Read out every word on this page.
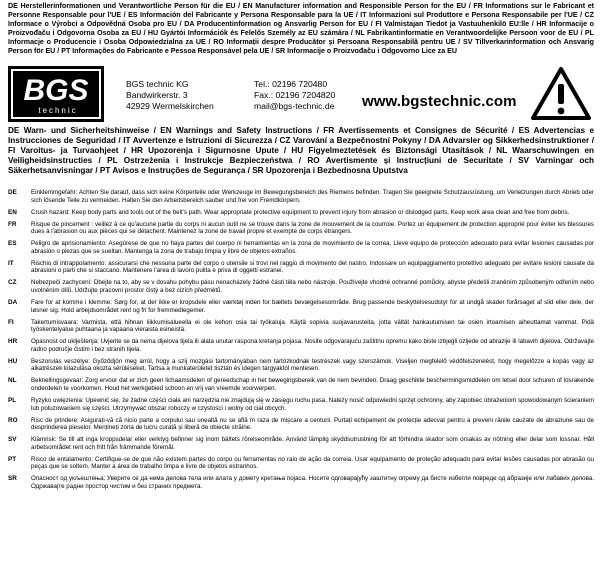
DE Herstellerinformationen und Verantwortliche Person für die EU / EN Manufacturer information and Responsible Person for the EU / FR Informations sur le Fabricant et Personne Responsable pour l'UE / ES Información del Fabricante y Persona Responsable para la UE / IT Informazioni sul Produttore e Persona Responsabile per l'UE / CZ Informace o Výrobci a Odpovědná Osoba pro EU / DA Producentinformation og Ansvarlig Person for EU / FI Valmistajan Tiedot ja Vastuuhenkilö EU:lle / HR Informacije o Proizvođaču i Odgovorna Osoba za EU / HU Gyártói Információk és Felelős Személy az EU számára / NL Fabrikantinformatie en Verantwoordelijke Persoon voor de EU / PL Informacje o Producencie i Osoba Odpowiedzialna za UE / RO Informații despre Producător și Persoana Responsabilă pentru UE / SV Tillverkarinformation och Ansvarig Person för EU / PT Informações do Fabricante e Pessoa Responsável pela UE / SR Informacije o Proizvođaču i Odgovorno Lice za EU
BGS
technic
BGS technic KG
Bandwirkerstr. 3
42929 Wermelskirchen
Tel.: 02196 720480
Fax.: 02196 7204820
mail@bgs-technic.de www.bgstechnic.com
DE Warn- und Sicherheitshinweise / EN Warnings and Safety Instructions / FR Avertissements et Consignes de Sécurité / ES Advertencias e Instrucciones de Seguridad / IT Avvertenze e Istruzioni di Sicurezza / CZ Varování a Bezpečnostní Pokyny / DA Advarsler og Sikkerhedsinstruktioner / FI Varoitus- ja Turvaohjeet / HR Upozorenja i Sigurnosne Upute / HU Figyelmeztetések és Biztonsági Utasítások / NL Waarschuwingen en Veiligheidsinstructies / PL Ostrzeżenia i Instrukcje Bezpieczeństwa / RO Avertismente și Instrucțiuni de Securitate / SV Varningar och Säkerhetsanvisningar / PT Avisos e Instruções de Segurança / SR Upozorenja i Bezbednosna Uputstva
DE	Einklemmgefahr: Achten Sie darauf, dass sich keine Körperteile oder Werkzeuge im Bewegungsbereich des Riemens befinden. Tragen Sie geeignete Schutzausrüstung, um Verletzungen durch Abrieb oder sich lösende Teile zu vermeiden. Halten Sie den Arbeitsbereich sauber und frei von Fremdkörpern.
EN	Crush hazard: Keep body parts and tools out of the belt's path. Wear appropriate protective equipment to prevent injury from abrasion or dislodged parts. Keep work area clean and free from debris.
FR	Risque de pincement : veillez à ce qu'aucune partie du corps ni aucun outil ne se trouve dans la zone de mouvement de la courroie. Portez un équipement de protection approprié pour éviter les blessures dues à l'abrasion ou aux pièces qui se détachent. Maintenez la zone de travail propre et exempte de corps étrangers.
ES	Peligro de aprisionamiento: Asegúrese de que no haya partes del cuerpo ni herramientas en la zona de movimiento de la correa. Lleve equipo de protección adecuado para evitar lesiones causadas por abrasión o piezas que se sueltan. Mantenga la zona de trabajo limpia y libre de objetos extraños.
IT	Rischio di intrappolamento: assicurarsi che nessuna parte del corpo o utensile si trovi nel raggio di movimento del nastro. Indossare un equipaggiamento protettivo adeguato per evitare lesioni causate da abrasioni o parti che si staccano. Mantenere l'area di lavoro pulita e priva di oggetti estranei.
CZ	Nebezpečí zachycení: Dbejte na to, aby se v dosahu pohybu pásu nenacházely žádné části těla nebo nástroje. Používejte vhodné ochranné pomůcky, abyste předešli zraněním způsobeným odřením nebo uvolněním dílů. Udržujte pracovní prostor čistý a bez cizích předmětů.
DA	Fare for at komme i klemme: Sørg for, at der ikke er kropsdele eller værktøj inden for bæltets bevægelsesområde. Brug passende beskyttelsesudstyr for at undgå skader forårsaget af slid eller dele, der løsner sig. Hold arbejdsområdet rent og fri for fremmedlegemer.
FI	Takertumisvaara: Varmista, että hihnan liikkumisalueella ei ole kehon osia tai työkaluja. Käytä sopivia suojavarusteita, jotta vältät hankautumisen tai osien irtoamisen aiheuttamat vammat. Pidä työskentelyalue puhtaana ja vapaana vieraista esineistä.
HR	Opasnost od uklještenja: Uvjerite se da nema dijelova tijela ili alata unutar raspona kretanja pojasa. Nosite odgovarajuću zaštitnu opremu kako biste izbjegli ozljede od abrazije ili labavih dijelova. Održavajte radno područje čistim i bez stranih tijela.
HU	Beszorulás veszélye: Győződjön meg arról, hogy a szíj mozgási tartományában nem tartózkodnak testrészek vagy szerszámok. Viseljen megfelelő védőfelszerelést, hogy megelőzze a kopás vagy az alkatrészek kilazulása okozta sérüléseket. Tartsa a munkaterületet tisztán és idegen tárgyaktól mentesen.
NL	Beknellingsgevaar: Zorg ervoor dat er zich geen lichaamsdelen of gereedschap in het bewegingsbereik van de riem bevinden. Draag geschikte beschermingsmiddelen om letsel door schuren of losrakende onderdelen te voorkomen. Houd het werkgebied schoon en vrij van vreemde voorwerpen.
PL	Ryzyko uwięzienia: Upewnić się, że żadne części ciała ani narzędzia nie znajdują się w zasięgu ruchu pasa. Należy nosić odpowiedni sprzęt ochronny, aby zapobiec obrażeniom spowodowanym ścieraniem lub poluzowaniem się części. Utrzymywać obszar roboczy w czystości i wolny od ciał obcych.
RO	Risc de prindere: Asigurați-vă că nicio parte a corpului sau unealtă nu se află în raza de mișcare a centurii. Purtați echipament de protecție adecvat pentru a preveni rănile cauzate de abraziune sau de desprinderea pieselor. Mențineți zona de lucru curată și liberă de obiecte străine.
SV	Klämrisk: Se till att inga kroppsdelar eller verktyg befinner sig inom bältets rörelseområde. Använd lämplig skyddsutrustning för att förhindra skador som orsakas av nötning eller delar som lossnar. Håll arbetsområdet rent och fritt från främmande föremål.
PT	Risco de entalamento: Certifique-se de que não existem partes do corpo ou ferramentas no raio de ação da correia. Usar equipamento de proteção adequado para evitar lesões causadas por abrasão ou peças que se soltem. Manter a área de trabalho limpa e livre de objetos estranhos.
SR	Опасност од укљештења: Уверите се да нема делова тела или алата у домету кретања појаса. Носите одговарајућу заштитну опрему да бисте избегли повреде од абразије или лабавих делова. Одржавајте радни простор чистим и без страних предмета.
